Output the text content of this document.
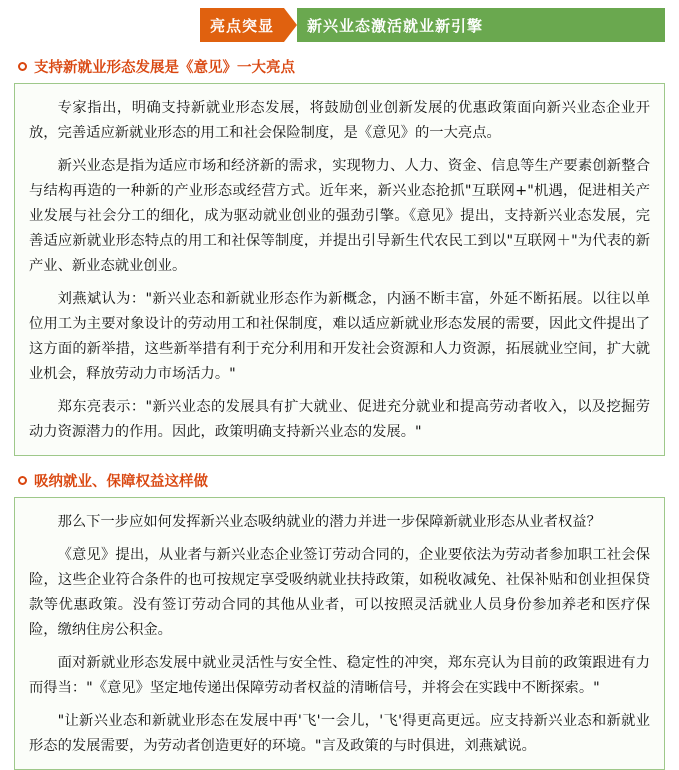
亮点突显	新兴业态激活就业新引擎
支持新就业形态发展是《意见》一大亮点

专家指出，明确支持新就业形态发展，将鼓励创业创新发展的优惠政策面向新兴业态企业开放，完善适应新就业形态的用工和社会保险制度，是《意见》的一大亮点。

新兴业态是指为适应市场和经济新的需求，实现物力、人力、资金、信息等生产要素创新整合与结构再造的一种新的产业形态或经营方式。近年来，新兴业态抢抓"互联网+"机遇，促进相关产业发展与社会分工的细化，成为驱动就业创业的强劲引擎。《意见》提出，支持新兴业态发展，完善适应新就业形态特点的用工和社保等制度，并提出引导新生代农民工到以"互联网＋"为代表的新产业、新业态就业创业。

刘燕斌认为："新兴业态和新就业形态作为新概念，内涵不断丰富，外延不断拓展。以往以单位用工为主要对象设计的劳动用工和社保制度，难以适应新就业形态发展的需要，因此文件提出了这方面的新举措，这些新举措有利于充分利用和开发社会资源和人力资源，拓展就业空间，扩大就业机会，释放劳动力市场活力。"

郑东亮表示："新兴业态的发展具有扩大就业、促进充分就业和提高劳动者收入，以及挖掘劳动力资源潜力的作用。因此，政策明确支持新兴业态的发展。"

吸纳就业、保障权益这样做

那么下一步应如何发挥新兴业态吸纳就业的潜力并进一步保障新就业形态从业者权益？

《意见》提出，从业者与新兴业态企业签订劳动合同的，企业要依法为劳动者参加职工社会保险，这些企业符合条件的也可按规定享受吸纳就业扶持政策，如税收减免、社保补贴和创业担保贷款等优惠政策。没有签订劳动合同的其他从业者，可以按照灵活就业人员身份参加养老和医疗保险，缴纳住房公积金。

面对新就业形态发展中就业灵活性与安全性、稳定性的冲突，郑东亮认为目前的政策跟进有力而得当："《意见》坚定地传递出保障劳动者权益的清晰信号，并将会在实践中不断探索。"

"让新兴业态和新就业形态在发展中再'飞'一会儿，'飞'得更高更远。应支持新兴业态和新就业形态的发展需要，为劳动者创造更好的环境。"言及政策的与时俱进，刘燕斌说。
